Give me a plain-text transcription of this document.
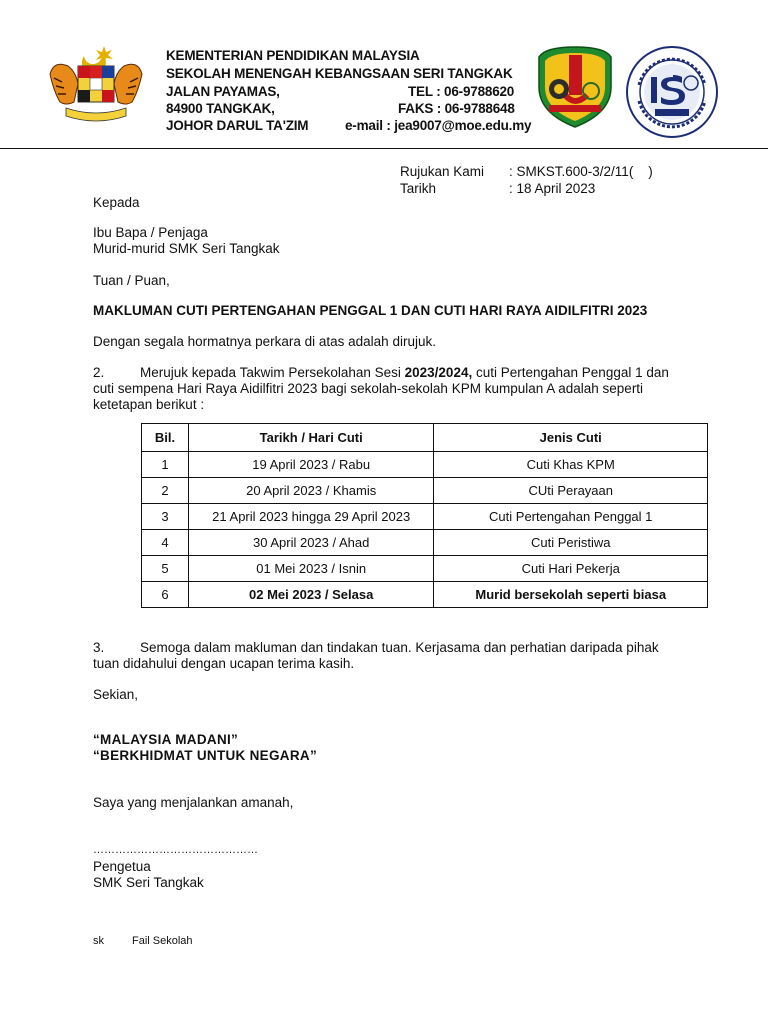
KEMENTERIAN PENDIDIKAN MALAYSIA
SEKOLAH MENENGAH KEBANGSAAN SERI TANGKAK
JALAN PAYAMAS,
84900 TANGKAK,
JOHOR DARUL TA'ZIM
TEL : 06-9788620
FAKS : 06-9788648
e-mail : jea9007@moe.edu.my
Rujukan Kami : SMKST.600-3/2/11(    )
Tarikh	: 18 April 2023
Kepada
Ibu Bapa / Penjaga
Murid-murid SMK Seri Tangkak
Tuan / Puan,
MAKLUMAN CUTI PERTENGAHAN PENGGAL 1 DAN CUTI HARI RAYA AIDILFITRI 2023
Dengan segala hormatnya perkara di atas adalah dirujuk.
2.	Merujuk kepada Takwim Persekolahan Sesi 2023/2024, cuti Pertengahan Penggal 1 dan
cuti sempena Hari Raya Aidilfitri 2023 bagi sekolah-sekolah KPM kumpulan A adalah seperti
ketetapan berikut :
Bil.	Tarikh / Hari Cuti	Jenis Cuti
1	19 April 2023 / Rabu	Cuti Khas KPM
2	20 April 2023 / Khamis	CUti Perayaan
3	21 April 2023 hingga 29 April 2023	Cuti Pertengahan Penggal 1
4	30 April 2023 / Ahad	Cuti Peristiwa
5	01 Mei 2023 / Isnin	Cuti Hari Pekerja
6	02 Mei 2023 / Selasa	Murid bersekolah seperti biasa
3.	Semoga dalam makluman dan tindakan tuan. Kerjasama dan perhatian daripada pihak
tuan didahului dengan ucapan terima kasih.
Sekian,
“MALAYSIA MADANI”
“BERKHIDMAT UNTUK NEGARA”
Saya yang menjalankan amanah,
………………………………………
Pengetua
SMK Seri Tangkak
sk	Fail Sekolah
